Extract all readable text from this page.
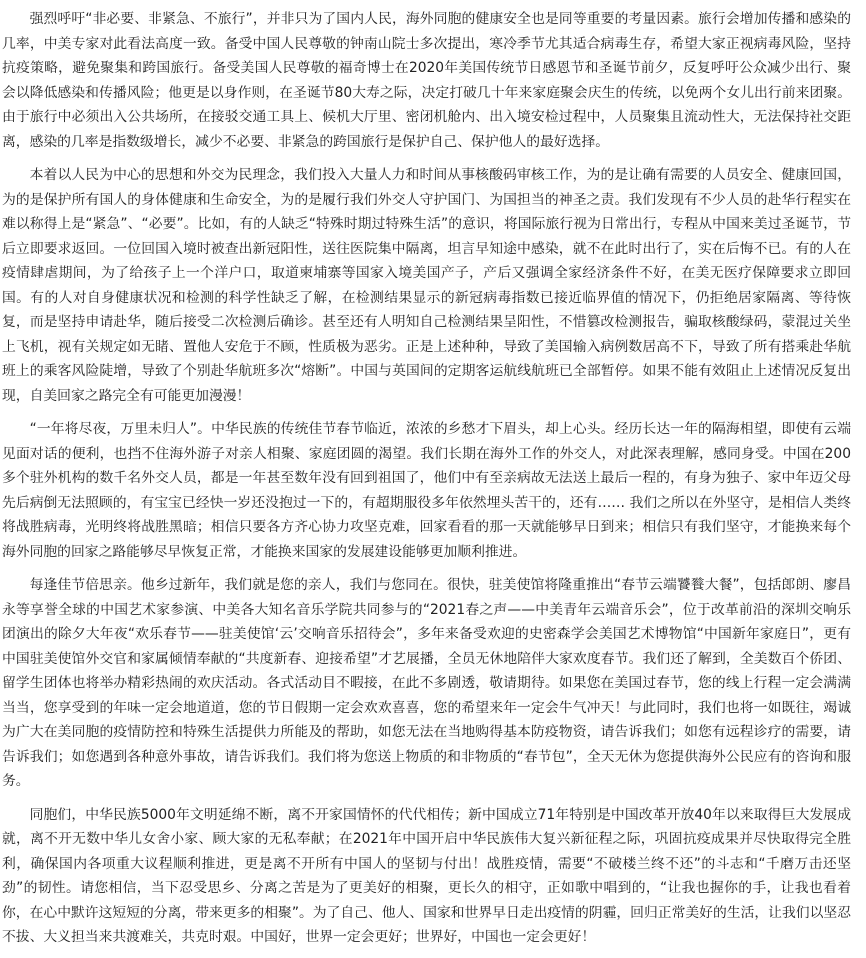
强烈呼吁“非必要、非紧急、不旅行”，并非只为了国内人民，海外同胞的健康安全也是同等重要的考量因素。旅行会增加传播和感染的几率，中美专家对此看法高度一致。备受中国人民尊敬的钟南山院士多次提出，寒冷季节尤其适合病毒生存，希望大家正视病毒风险，坚持抗疫策略，避免聚集和跨国旅行。备受美国人民尊敬的福奇博士在2020年美国传统节日感恩节和圣诞节前夕，反复呼吁公众减少出行、聚会以降低感染和传播风险；他更是以身作则，在圣诞节80大寿之际，决定打破几十年来家庭聚会庆生的传统，以免两个女儿出行前来团聚。由于旅行中必须出入公共场所，在接驳交通工具上、候机大厅里、密闭机舱内、出入境安检过程中，人员聚集且流动性大，无法保持社交距离，感染的几率是指数级增长，减少不必要、非紧急的跨国旅行是保护自己、保护他人的最好选择。

本着以人民为中心的思想和外交为民理念，我们投入大量人力和时间从事核酸码审核工作，为的是让确有需要的人员安全、健康回国，为的是保护所有国人的身体健康和生命安全，为的是履行我们外交人守护国门、为国担当的神圣之责。我们发现有不少人员的赴华行程实在难以称得上是“紧急”、“必要”。比如，有的人缺乏“特殊时期过特殊生活”的意识，将国际旅行视为日常出行，专程从中国来美过圣诞节，节后立即要求返回。一位回国入境时被查出新冠阳性，送往医院集中隔离，坦言早知途中感染，就不在此时出行了，实在后悔不已。有的人在疫情肆虐期间，为了给孩子上一个洋户口，取道柬埔寨等国家入境美国产子，产后又强调全家经济条件不好，在美无医疗保障要求立即回国。有的人对自身健康状况和检测的科学性缺乏了解，在检测结果显示的新冠病毒指数已接近临界值的情况下，仍拒绝居家隔离、等待恢复，而是坚持申请赴华，随后接受二次检测后确诊。甚至还有人明知自己检测结果呈阳性，不惜篡改检测报告，骗取核酸绿码，蒙混过关坐上飞机，视有关规定如无睹、置他人安危于不顾，性质极为恶劣。正是上述种种，导致了美国输入病例数居高不下，导致了所有搭乘赴华航班上的乘客风险陡增，导致了个别赴华航班多次“熔断”。中国与英国间的定期客运航线航班已全部暂停。如果不能有效阻止上述情况反复出现，自美回家之路完全有可能更加漫漫！

“一年将尽夜，万里未归人”。中华民族的传统佳节春节临近，浓浓的乡愁才下眉头，却上心头。经历长达一年的隔海相望，即使有云端见面对话的便利，也挡不住海外游子对亲人相聚、家庭团圆的渴望。我们长期在海外工作的外交人，对此深表理解，感同身受。中国在200多个驻外机构的数千名外交人员，都是一年甚至数年没有回到祖国了，他们中有至亲病故无法送上最后一程的，有身为独子、家中年迈父母先后病倒无法照顾的，有宝宝已经快一岁还没抱过一下的，有超期服役多年依然埋头苦干的，还有…… 我们之所以在外坚守，是相信人类终将战胜病毒，光明终将战胜黑暗；相信只要各方齐心协力攻坚克难，回家看看的那一天就能够早日到来；相信只有我们坚守，才能换来每个海外同胞的回家之路能够尽早恢复正常，才能换来国家的发展建设能够更加顺利推进。

每逢佳节倍思亲。他乡过新年，我们就是您的亲人，我们与您同在。很快，驻美使馆将隆重推出“春节云端饕餮大餐”，包括郎朗、廖昌永等享誉全球的中国艺术家参演、中美各大知名音乐学院共同参与的“2021春之声——中美青年云端音乐会”，位于改革前沿的深圳交响乐团演出的除夕大年夜“欢乐春节——驻美使馆‘云’交响音乐招待会”，多年来备受欢迎的史密森学会美国艺术博物馆“中国新年家庭日”，更有中国驻美使馆外交官和家属倾情奉献的“共度新春、迎接希望”才艺展播，全员无休地陪伴大家欢度春节。我们还了解到，全美数百个侨团、留学生团体也将举办精彩热闹的欢庆活动。各式活动目不暇接，在此不多剧透，敬请期待。如果您在美国过春节，您的线上行程一定会满满当当，您享受到的年味一定会地道道，您的节日假期一定会欢欢喜喜，您的希望来年一定会牛气冲天！与此同时，我们也将一如既往，竭诚为广大在美同胞的疫情防控和特殊生活提供力所能及的帮助，如您无法在当地购得基本防疫物资，请告诉我们；如您有远程诊疗的需要，请告诉我们；如您遇到各种意外事故，请告诉我们。我们将为您送上物质的和非物质的“春节包”，全天无休为您提供海外公民应有的咨询和服务。

同胞们，中华民族5000年文明延绵不断，离不开家国情怀的代代相传；新中国成立71年特别是中国改革开放40年以来取得巨大发展成就，离不开无数中华儿女舍小家、顾大家的无私奉献；在2021年中国开启中华民族伟大复兴新征程之际，巩固抗疫成果并尽快取得完全胜利，确保国内各项重大议程顺利推进，更是离不开所有中国人的坚韧与付出！战胜疫情，需要“不破楼兰终不还”的斗志和“千磨万击还坚劲”的韧性。请您相信，当下忍受思乡、分离之苦是为了更美好的相聚，更长久的相守，正如歌中唱到的，“让我也握你的手，让我也看着你，在心中默许这短短的分离，带来更多的相聚”。为了自己、他人、国家和世界早日走出疫情的阴霾，回归正常美好的生活，让我们以坚忍不拔、大义担当来共渡难关，共克时艰。中国好，世界一定会更好；世界好，中国也一定会更好！
